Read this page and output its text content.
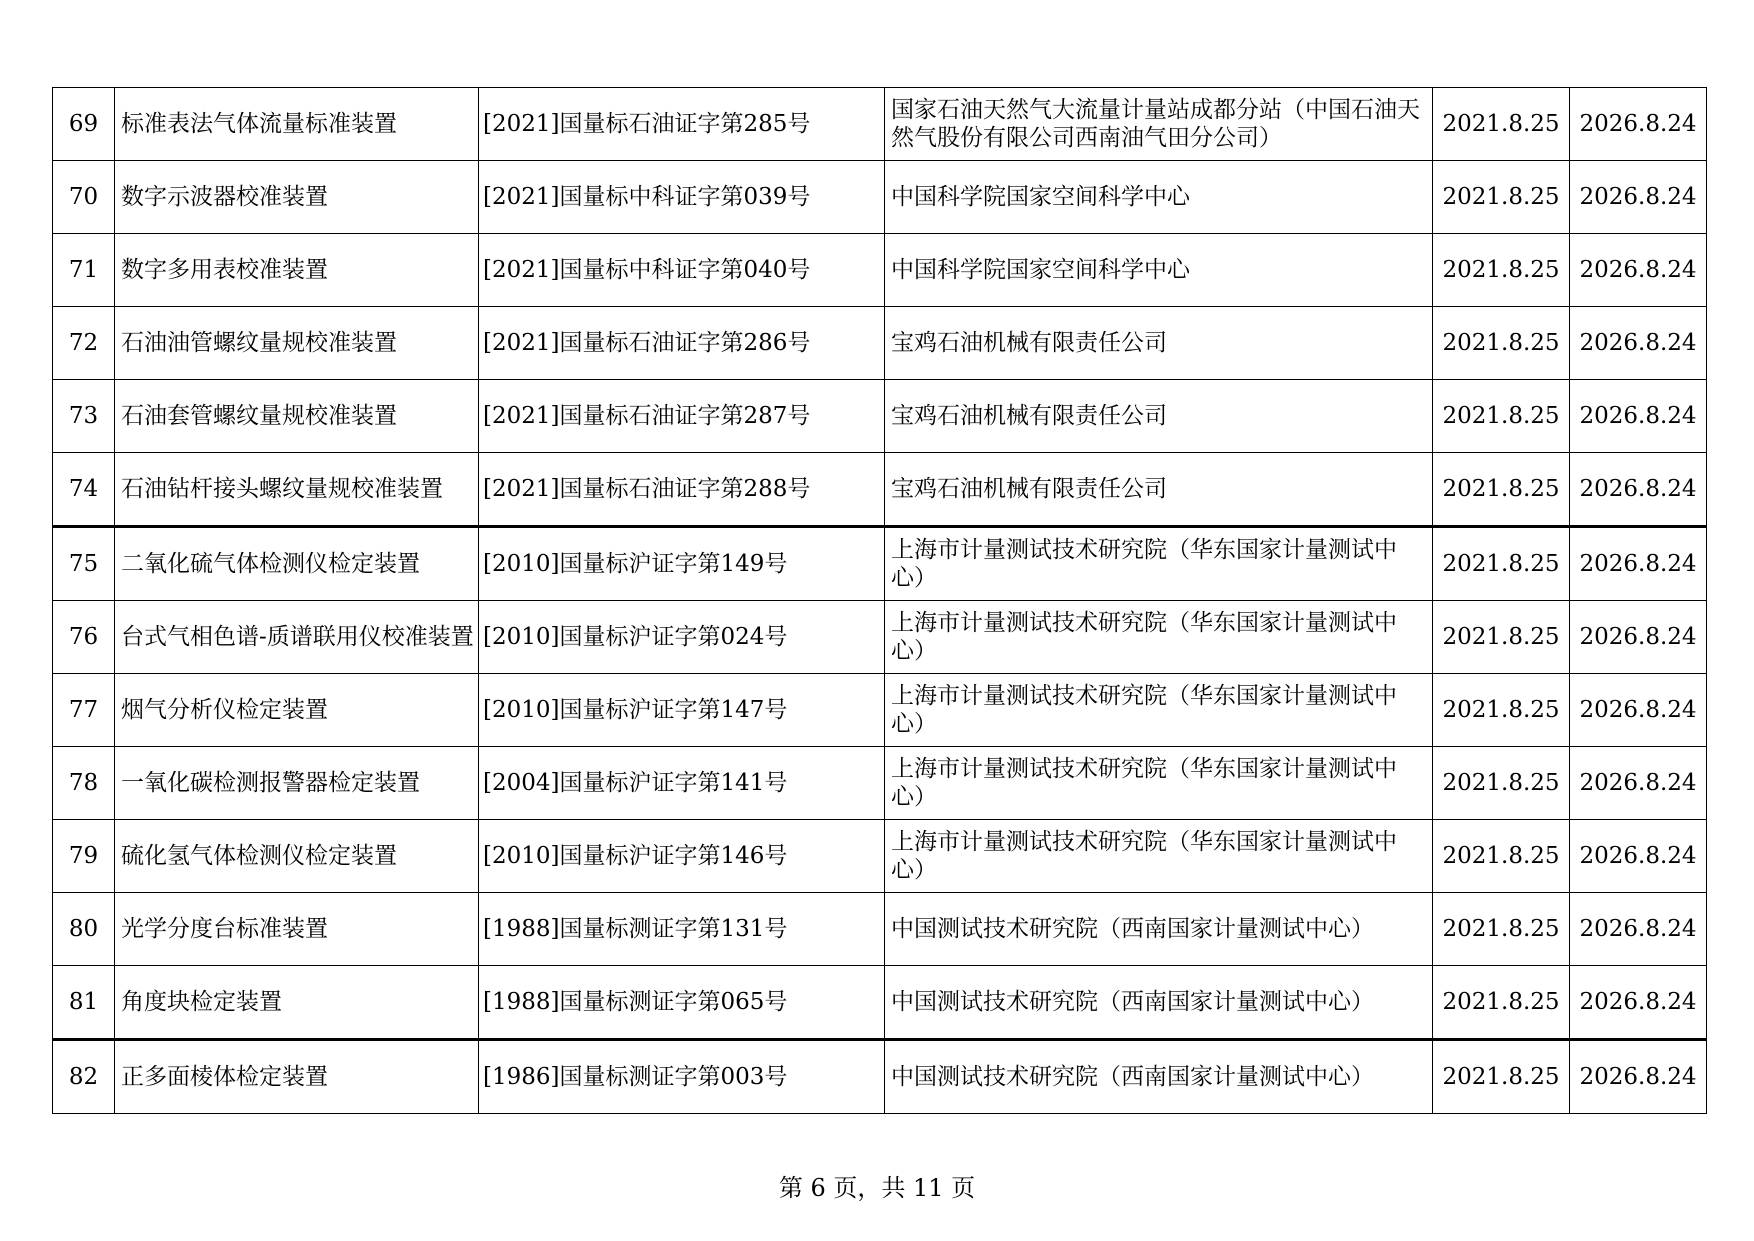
69	标准表法气体流量标准装置	[2021]国量标石油证字第285号	国家石油天然气大流量计量站成都分站（中国石油天然气股份有限公司西南油气田分公司）	2021.8.25	2026.8.24
70	数字示波器校准装置	[2021]国量标中科证字第039号	中国科学院国家空间科学中心	2021.8.25	2026.8.24
71	数字多用表校准装置	[2021]国量标中科证字第040号	中国科学院国家空间科学中心	2021.8.25	2026.8.24
72	石油油管螺纹量规校准装置	[2021]国量标石油证字第286号	宝鸡石油机械有限责任公司	2021.8.25	2026.8.24
73	石油套管螺纹量规校准装置	[2021]国量标石油证字第287号	宝鸡石油机械有限责任公司	2021.8.25	2026.8.24
74	石油钻杆接头螺纹量规校准装置	[2021]国量标石油证字第288号	宝鸡石油机械有限责任公司	2021.8.25	2026.8.24
75	二氧化硫气体检测仪检定装置	[2010]国量标沪证字第149号	上海市计量测试技术研究院（华东国家计量测试中心）	2021.8.25	2026.8.24
76	台式气相色谱-质谱联用仪校准装置	[2010]国量标沪证字第024号	上海市计量测试技术研究院（华东国家计量测试中心）	2021.8.25	2026.8.24
77	烟气分析仪检定装置	[2010]国量标沪证字第147号	上海市计量测试技术研究院（华东国家计量测试中心）	2021.8.25	2026.8.24
78	一氧化碳检测报警器检定装置	[2004]国量标沪证字第141号	上海市计量测试技术研究院（华东国家计量测试中心）	2021.8.25	2026.8.24
79	硫化氢气体检测仪检定装置	[2010]国量标沪证字第146号	上海市计量测试技术研究院（华东国家计量测试中心）	2021.8.25	2026.8.24
80	光学分度台标准装置	[1988]国量标测证字第131号	中国测试技术研究院（西南国家计量测试中心）	2021.8.25	2026.8.24
81	角度块检定装置	[1988]国量标测证字第065号	中国测试技术研究院（西南国家计量测试中心）	2021.8.25	2026.8.24
82	正多面棱体检定装置	[1986]国量标测证字第003号	中国测试技术研究院（西南国家计量测试中心）	2021.8.25	2026.8.24
第 6 页，共 11 页
